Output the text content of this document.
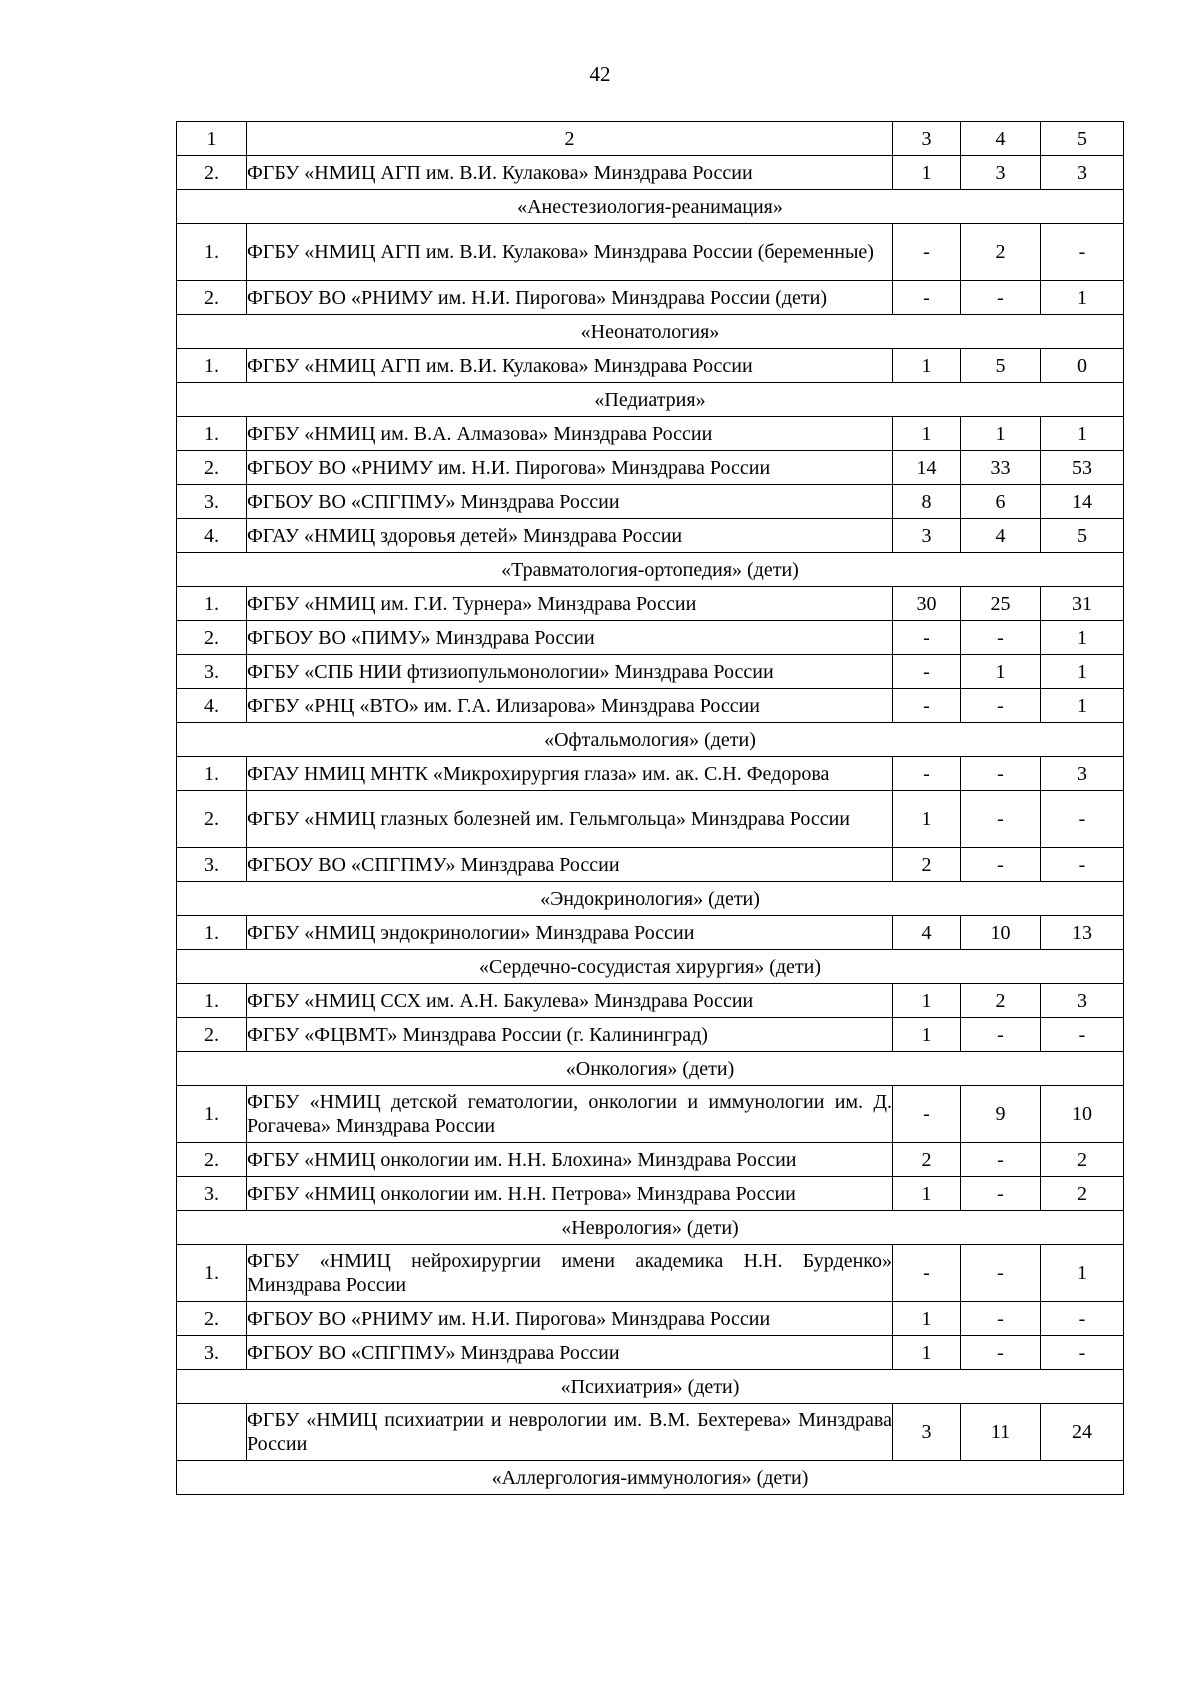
42
1	2	3	4	5
2.	ФГБУ «НМИЦ АГП им. В.И. Кулакова» Минздрава России	1	3	3
«Анестезиология-реанимация»				
1.	ФГБУ «НМИЦ АГП им. В.И. Кулакова» Минздрава России (беременные)	-	2	-
2.	ФГБОУ ВО «РНИМУ им. Н.И. Пирогова» Минздрава России (дети)	-	-	1
«Неонатология»				
1.	ФГБУ «НМИЦ АГП им. В.И. Кулакова» Минздрава России	1	5	0
«Педиатрия»				
1.	ФГБУ «НМИЦ им. В.А. Алмазова» Минздрава России	1	1	1
2.	ФГБОУ ВО «РНИМУ им. Н.И. Пирогова» Минздрава России	14	33	53
3.	ФГБОУ ВО «СПГПМУ» Минздрава России	8	6	14
4.	ФГАУ «НМИЦ здоровья детей» Минздрава России	3	4	5
«Травматология-ортопедия» (дети)				
1.	ФГБУ «НМИЦ им. Г.И. Турнера» Минздрава России	30	25	31
2.	ФГБОУ ВО «ПИМУ» Минздрава России	-	-	1
3.	ФГБУ «СПБ НИИ фтизиопульмонологии» Минздрава России	-	1	1
4.	ФГБУ «РНЦ «ВТО» им. Г.А. Илизарова» Минздрава России	-	-	1
«Офтальмология» (дети)				
1.	ФГАУ НМИЦ МНТК «Микрохирургия глаза» им. ак. С.Н. Федорова	-	-	3
2.	ФГБУ «НМИЦ глазных болезней им. Гельмгольца» Минздрава России	1	-	-
3.	ФГБОУ ВО «СПГПМУ» Минздрава России	2	-	-
«Эндокринология» (дети)				
1.	ФГБУ «НМИЦ эндокринологии» Минздрава России	4	10	13
«Сердечно-сосудистая хирургия» (дети)				
1.	ФГБУ «НМИЦ ССХ им. А.Н. Бакулева» Минздрава России	1	2	3
2.	ФГБУ «ФЦВМТ» Минздрава России (г. Калининград)	1	-	-
«Онкология» (дети)				
1.	ФГБУ «НМИЦ детской гематологии, онкологии и иммунологии им. Д. Рогачева» Минздрава России	-	9	10
2.	ФГБУ «НМИЦ онкологии им. Н.Н. Блохина» Минздрава России	2	-	2
3.	ФГБУ «НМИЦ онкологии им. Н.Н. Петрова» Минздрава России	1	-	2
«Неврология» (дети)				
1.	ФГБУ «НМИЦ нейрохирургии имени академика Н.Н. Бурденко» Минздрава России	-	-	1
2.	ФГБОУ ВО «РНИМУ им. Н.И. Пирогова» Минздрава России	1	-	-
3.	ФГБОУ ВО «СПГПМУ» Минздрава России	1	-	-
«Психиатрия» (дети)				
	ФГБУ «НМИЦ психиатрии и неврологии им. В.М. Бехтерева» Минздрава России	3	11	24
«Аллергология-иммунология» (дети)				
